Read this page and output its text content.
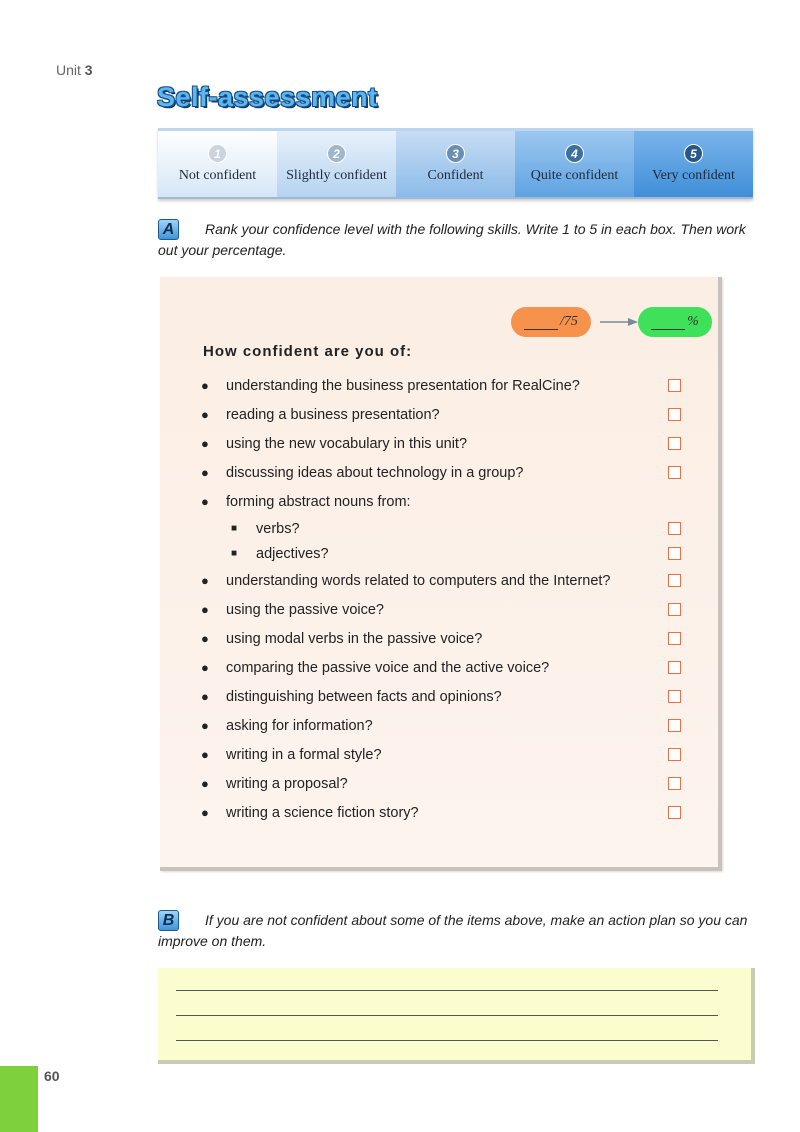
Unit 3
Self-assessment
1
Not confident
2
Slightly confident
3
Confident
4
Quite confident
5
Very confident
A Rank your confidence level with the following skills. Write 1 to 5 in each box. Then work out your percentage.
/75	%
How confident are you of:
●	understanding the business presentation for RealCine?
●	reading a business presentation?
●	using the new vocabulary in this unit?
●	discussing ideas about technology in a group?
●	forming abstract nouns from:
■	verbs?
■	adjectives?
●	understanding words related to computers and the Internet?
●	using the passive voice?
●	using modal verbs in the passive voice?
●	comparing the passive voice and the active voice?
●	distinguishing between facts and opinions?
●	asking for information?
●	writing in a formal style?
●	writing a proposal?
●	writing a science fiction story?
B If you are not confident about some of the items above, make an action plan so you can improve on them.
60
